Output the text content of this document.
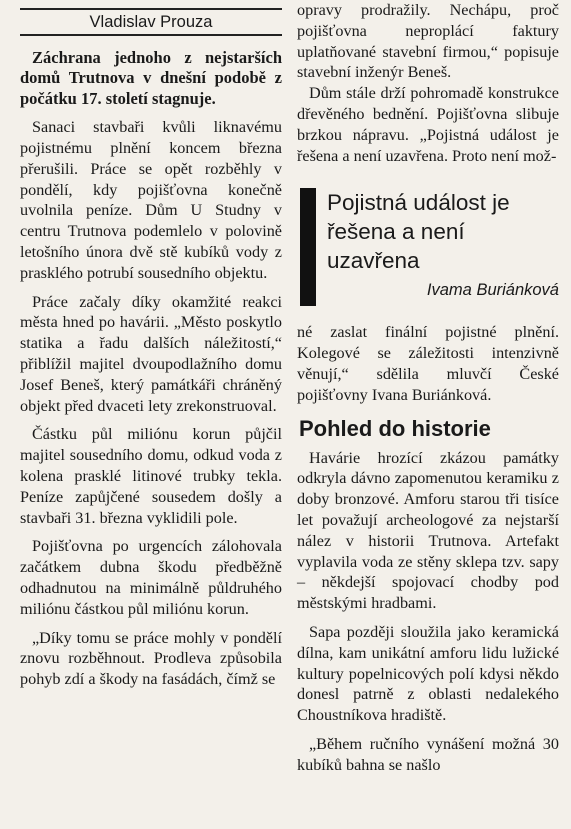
Vladislav Prouza

Záchrana jednoho z nejstarších domů Trutnova v dnešní podobě z počátku 17. století stagnuje.

Sanaci stavbaři kvůli liknavému pojistnému plnění koncem března přerušili. Práce se opět rozběhly v pondělí, kdy pojišťovna konečně uvolnila peníze. Dům U Studny v centru Trutnova podemlelo v polovině letošního února dvě stě kubíků vody z prasklého potrubí sousedního objektu.

Práce začaly díky okamžité reakci města hned po havárii. „Město poskytlo statika a řadu dalších náležitostí,“ přiblížil majitel dvoupodlažního domu Josef Beneš, který památkáři chráněný objekt před dvaceti lety zrekonstruoval.

Částku půl miliónu korun půjčil majitel sousedního domu, odkud voda z kolena prasklé litinové trubky tekla. Peníze zapůjčené sousedem došly a stavbaři 31. března vyklidili pole.

Pojišťovna po urgencích zálohovala začátkem dubna škodu předběžně odhadnutou na minimálně půldruhého miliónu částkou půl miliónu korun.

„Díky tomu se práce mohly v pondělí znovu rozběhnout. Prodleva způsobila pohyb zdí a škody na fasádách, čímž se

opravy prodražily. Nechápu, proč pojišťovna neproplácí faktury uplatňované stavební firmou,“ popisuje stavební inženýr Beneš.

Dům stále drží pohromadě konstrukce dřevěného bednění. Pojišťovna slibuje brzkou nápravu. „Pojistná událost je řešena a není uzavřena. Proto není mož-

Pojistná událost je řešena a není uzavřena

Ivama Buriánková

né zaslat finální pojistné plnění. Kolegové se záležitosti intenzivně věnují,“ sdělila mluvčí České pojišťovny Ivana Buriánková.

Pohled do historie

Havárie hrozící zkázou památky odkryla dávno zapomenutou keramiku z doby bronzové. Amforu starou tři tisíce let považují archeologové za nejstarší nález v historii Trutnova. Artefakt vyplavila voda ze stěny sklepa tzv. sapy – někdejší spojovací chodby pod městskými hradbami.

Sapa později sloužila jako keramická dílna, kam unikátní amforu lidu lužické kultury popelnicových polí kdysi někdo donesl patrně z oblasti nedalekého Choustníkova hradiště.

„Během ručního vynášení možná 30 kubíků bahna se našlo
